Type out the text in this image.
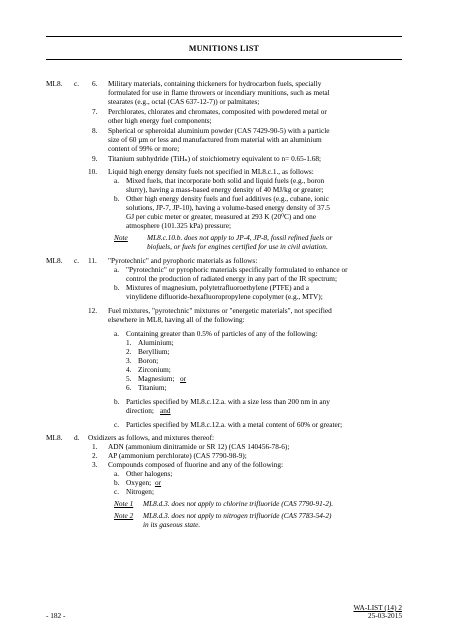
MUNITIONS LIST
ML8. c. 6. Military materials, containing thickeners for hydrocarbon fuels, specially
formulated for use in flame throwers or incendiary munitions, such as metal
stearates (e.g., octal (CAS 637-12-7)) or palmitates;
7. Perchlorates, chlorates and chromates, composited with powdered metal or
other high energy fuel components;
8. Spherical or spheroidal aluminium powder (CAS 7429-90-5) with a particle
size of 60 µm or less and manufactured from material with an aluminium
content of 99% or more;
9. Titanium subhydride (TiHₙ) of stoichiometry equivalent to n= 0.65-1.68;
10. Liquid high energy density fuels not specified in ML8.c.1., as follows:
a. Mixed fuels, that incorporate both solid and liquid fuels (e.g., boron
slurry), having a mass-based energy density of 40 MJ/kg or greater;
b. Other high energy density fuels and fuel additives (e.g., cubane, ionic
solutions, JP-7, JP-10), having a volume-based energy density of 37.5
GJ per cubic meter or greater, measured at 293 K (20⁰C) and one
atmosphere (101.325 kPa) pressure;
Note	ML8.c.10.b. does not apply to JP-4, JP-8, fossil refined fuels or
biofuels, or fuels for engines certified for use in civil aviation.
ML8. c. 11. "Pyrotechnic" and pyrophoric materials as follows:
a. "Pyrotechnic" or pyrophoric materials specifically formulated to enhance or
control the production of radiated energy in any part of the IR spectrum;
b. Mixtures of magnesium, polytetrafluoroethylene (PTFE) and a
vinylidene difluoride-hexafluoropropylene copolymer (e.g., MTV);
12. Fuel mixtures, "pyrotechnic" mixtures or "energetic materials", not specified
elsewhere in ML8, having all of the following:
a. Containing greater than 0.5% of particles of any of the following:
1. Aluminium;
2. Beryllium;
3. Boron;
4. Zirconium;
5. Magnesium; or
6. Titanium;
b. Particles specified by ML8.c.12.a. with a size less than 200 nm in any
direction; and
c. Particles specified by ML8.c.12.a. with a metal content of 60% or greater;
ML8. d. Oxidizers as follows, and mixtures thereof:
1. ADN (ammonium dinitramide or SR 12) (CAS 140456-78-6);
2. AP (ammonium perchlorate) (CAS 7790-98-9);
3. Compounds composed of fluorine and any of the following:
a. Other halogens;
b. Oxygen; or
c. Nitrogen;
Note 1 ML8.d.3. does not apply to chlorine trifluoride (CAS 7790-91-2).
Note 2 ML8.d.3. does not apply to nitrogen trifluoride (CAS 7783-54-2)
in its gaseous state.
WA-LIST (14) 2
- 182 -	25-03-2015
